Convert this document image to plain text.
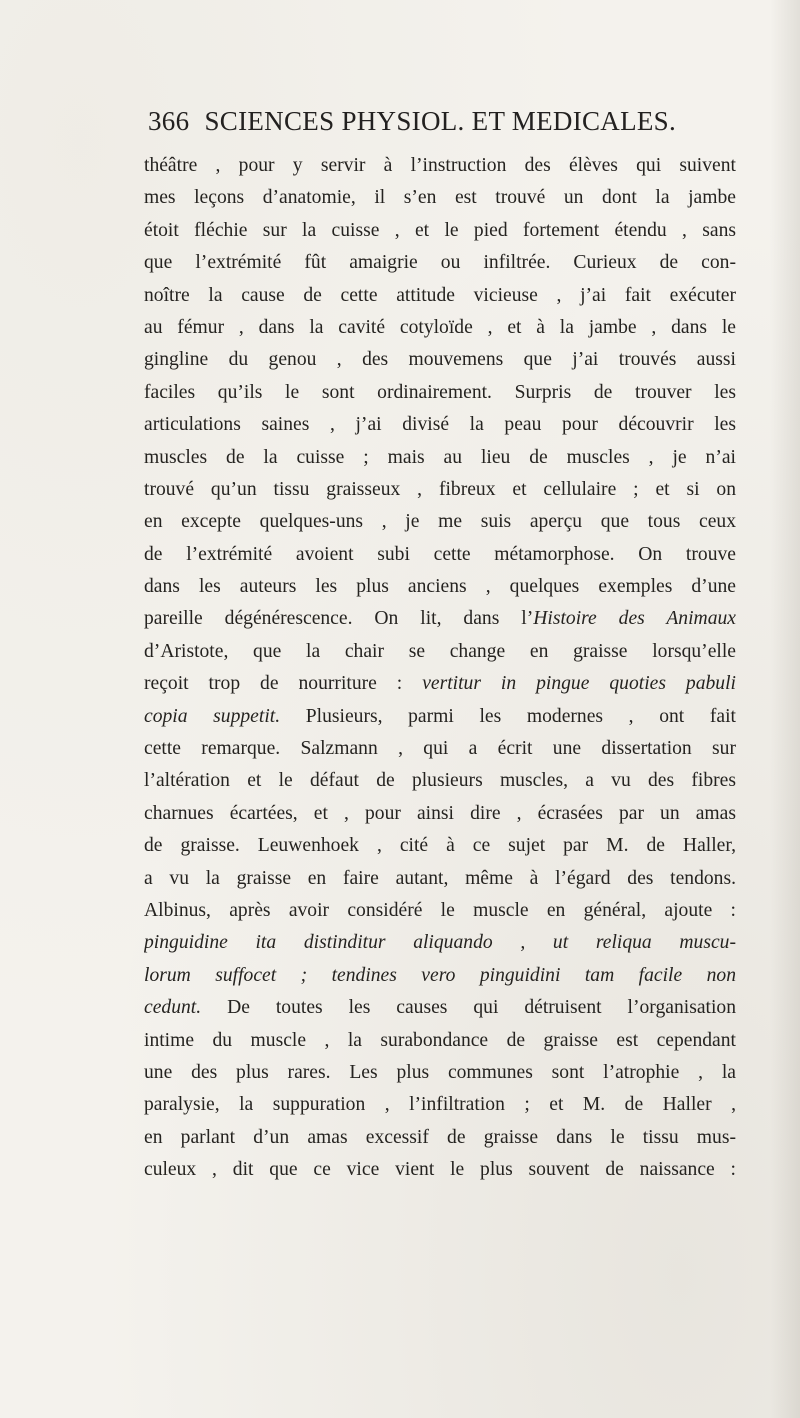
366 SCIENCES PHYSIOL. ET MEDICALES.
théâtre , pour y servir à l’instruction des élèves qui suivent
mes leçons d’anatomie, il s’en est trouvé un dont la jambe
étoit fléchie sur la cuisse , et le pied fortement étendu , sans
que l’extrémité fût amaigrie ou infiltrée. Curieux de con-
noître la cause de cette attitude vicieuse , j’ai fait exécuter
au fémur , dans la cavité cotyloïde , et à la jambe , dans le
gingline du genou , des mouvemens que j’ai trouvés aussi
faciles qu’ils le sont ordinairement. Surpris de trouver les
articulations saines , j’ai divisé la peau pour découvrir les
muscles de la cuisse ; mais au lieu de muscles , je n’ai
trouvé qu’un tissu graisseux , fibreux et cellulaire ; et si on
en excepte quelques-uns , je me suis aperçu que tous ceux
de l’extrémité avoient subi cette métamorphose. On trouve
dans les auteurs les plus anciens , quelques exemples d’une
pareille dégénérescence. On lit, dans l’Histoire des Animaux
d’Aristote, que la chair se change en graisse lorsqu’elle
reçoit trop de nourriture : vertitur in pingue quoties pabuli
copia suppetit. Plusieurs, parmi les modernes , ont fait
cette remarque. Salzmann , qui a écrit une dissertation sur
l’altération et le défaut de plusieurs muscles, a vu des fibres
charnues écartées, et , pour ainsi dire , écrasées par un amas
de graisse. Leuwenhoek , cité à ce sujet par M. de Haller,
a vu la graisse en faire autant, même à l’égard des tendons.
Albinus, après avoir considéré le muscle en général, ajoute :
pinguidine ita distinditur aliquando , ut reliqua muscu-
lorum suffocet ; tendines vero pinguidini tam facile non
cedunt. De toutes les causes qui détruisent l’organisation
intime du muscle , la surabondance de graisse est cependant
une des plus rares. Les plus communes sont l’atrophie , la
paralysie, la suppuration , l’infiltration ; et M. de Haller ,
en parlant d’un amas excessif de graisse dans le tissu mus-
culeux , dit que ce vice vient le plus souvent de naissance :
